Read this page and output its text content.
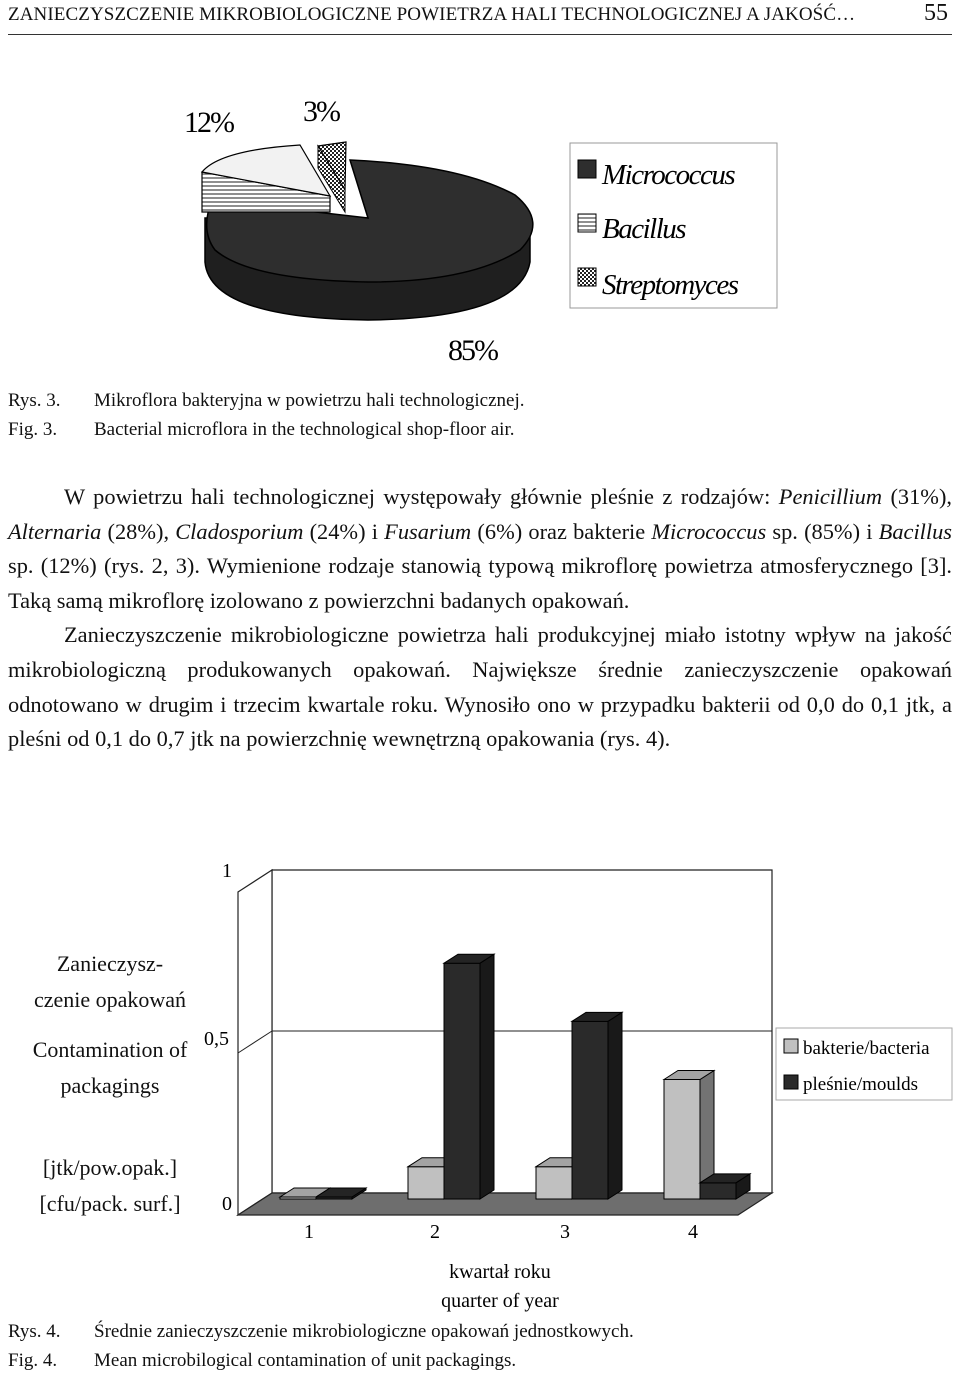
ZANIECZYSZCZENIE MIKROBIOLOGICZNE POWIETRZA HALI TECHNOLOGICZNEJ A JAKOŚĆ…	55
12% 3%
85%
Micrococcus
Bacillus
Streptomyces
Rys. 3.	Mikroflora bakteryjna w powietrzu hali technologicznej.
Fig. 3.	Bacterial microflora in the technological shop-floor air.

W powietrzu hali technologicznej występowały głównie pleśnie z rodzajów: Penicillium (31%), Alternaria (28%), Cladosporium (24%) i Fusarium (6%) oraz bakterie Micrococcus sp. (85%) i Bacillus sp. (12%) (rys. 2, 3). Wymienione rodzaje stanowią typową mikroflorę powietrza atmosferycznego [3]. Taką samą mikroflorę izolowano z powierzchni badanych opakowań.

Zanieczyszczenie mikrobiologiczne powietrza hali produkcyjnej miało istotny wpływ na jakość mikrobiologiczną produkowanych opakowań. Największe średnie zanieczyszczenie opakowań odnotowano w drugim i trzecim kwartale roku. Wynosiło ono w przypadku bakterii od 0,0 do 0,1 jtk, a pleśni od 0,1 do 0,7 jtk na powierzchnię wewnętrzną opakowania (rys. 4).

Zanieczysz-
czenie opakowań
Contamination of
packagings
[jtk/pow.opak.]
[cfu/pack. surf.]
1
0,5
0
1	2	3	4
kwartał roku
quarter of year
bakterie/bacteria
pleśnie/moulds
Rys. 4.	Średnie zanieczyszczenie mikrobiologiczne opakowań jednostkowych.
Fig. 4.	Mean microbilogical contamination of unit packagings.
